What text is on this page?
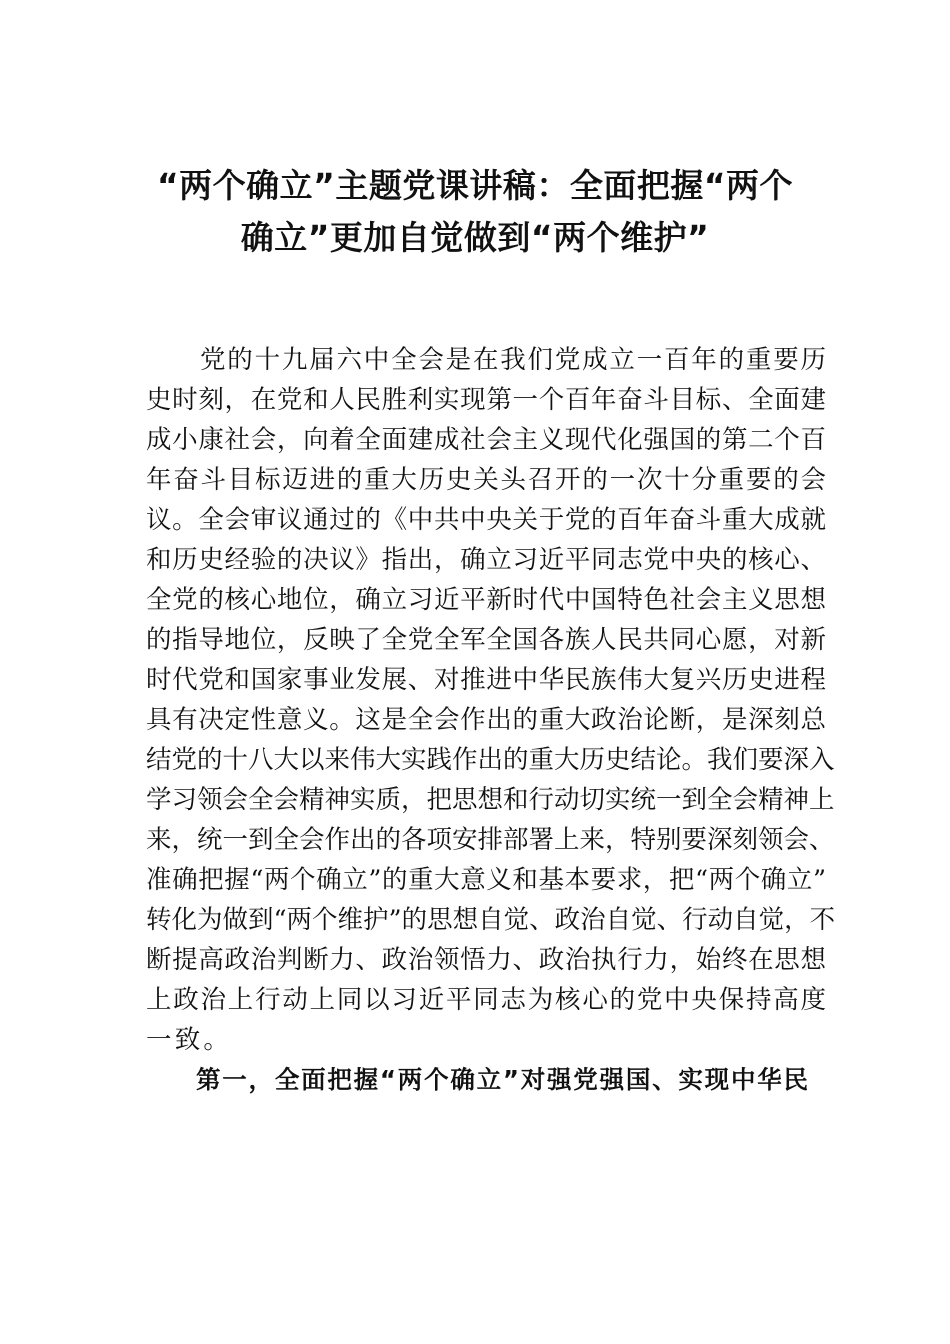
“两个确立”主题党课讲稿：全面把握“两个
确立”更加自觉做到“两个维护”
党的十九届六中全会是在我们党成立一百年的重要历
史时刻，在党和人民胜利实现第一个百年奋斗目标、全面建
成小康社会，向着全面建成社会主义现代化强国的第二个百
年奋斗目标迈进的重大历史关头召开的一次十分重要的会
议。全会审议通过的《中共中央关于党的百年奋斗重大成就
和历史经验的决议》指出，确立习近平同志党中央的核心、
全党的核心地位，确立习近平新时代中国特色社会主义思想
的指导地位，反映了全党全军全国各族人民共同心愿，对新
时代党和国家事业发展、对推进中华民族伟大复兴历史进程
具有决定性意义。这是全会作出的重大政治论断，是深刻总
结党的十八大以来伟大实践作出的重大历史结论。我们要深入
学习领会全会精神实质，把思想和行动切实统一到全会精神上
来，统一到全会作出的各项安排部署上来，特别要深刻领会、
准确把握“两个确立”的重大意义和基本要求，把“两个确立”
转化为做到“两个维护”的思想自觉、政治自觉、行动自觉，不
断提高政治判断力、政治领悟力、政治执行力，始终在思想
上政治上行动上同以习近平同志为核心的党中央保持高度
一致。
第一，全面把握“两个确立”对强党强国、实现中华民
